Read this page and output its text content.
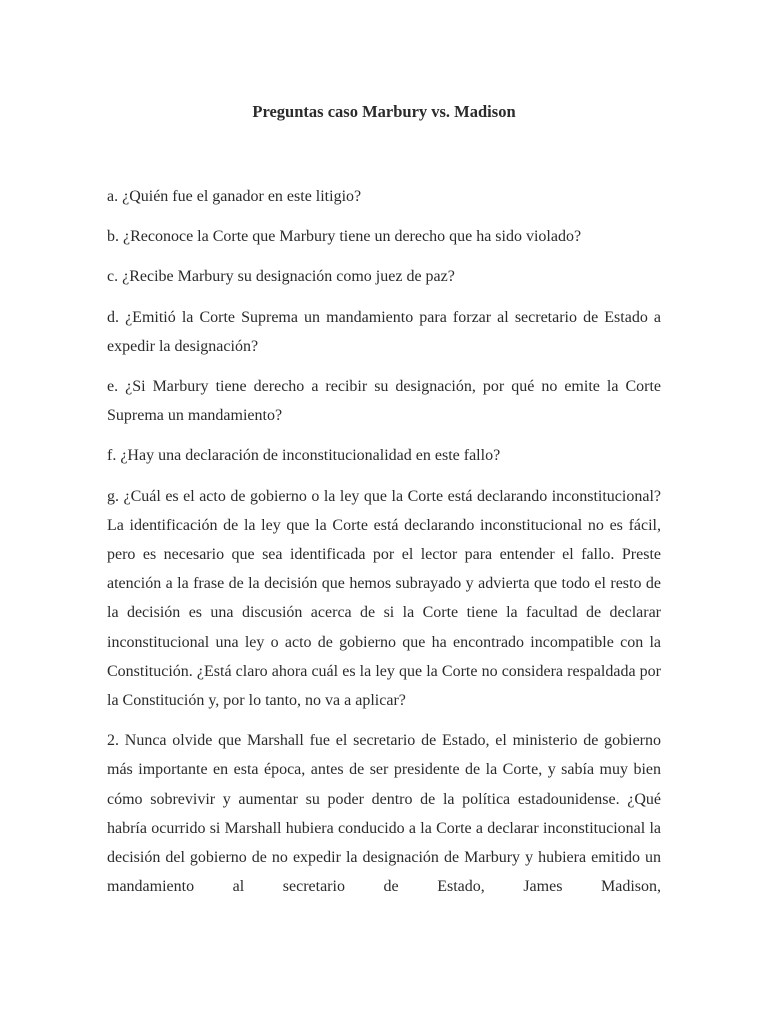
Preguntas caso Marbury vs. Madison

a. ¿Quién fue el ganador en este litigio?

b. ¿Reconoce la Corte que Marbury tiene un derecho que ha sido violado?

c. ¿Recibe Marbury su designación como juez de paz?

d. ¿Emitió la Corte Suprema un mandamiento para forzar al secretario de Estado a expedir la designación?

e. ¿Si Marbury tiene derecho a recibir su designación, por qué no emite la Corte Suprema un mandamiento?

f. ¿Hay una declaración de inconstitucionalidad en este fallo?

g. ¿Cuál es el acto de gobierno o la ley que la Corte está declarando inconstitucional? La identificación de la ley que la Corte está declarando inconstitucional no es fácil, pero es necesario que sea identificada por el lector para entender el fallo. Preste atención a la frase de la decisión que hemos subrayado y advierta que todo el resto de la decisión es una discusión acerca de si la Corte tiene la facultad de declarar inconstitucional una ley o acto de gobierno que ha encontrado incompatible con la Constitución. ¿Está claro ahora cuál es la ley que la Corte no considera respaldada por la Constitución y, por lo tanto, no va a aplicar?

2. Nunca olvide que Marshall fue el secretario de Estado, el ministerio de gobierno más importante en esta época, antes de ser presidente de la Corte, y sabía muy bien cómo sobrevivir y aumentar su poder dentro de la política estadounidense. ¿Qué habría ocurrido si Marshall hubiera conducido a la Corte a declarar inconstitucional la decisión del gobierno de no expedir la designación de Marbury y hubiera emitido un mandamiento al secretario de Estado, James Madison,
